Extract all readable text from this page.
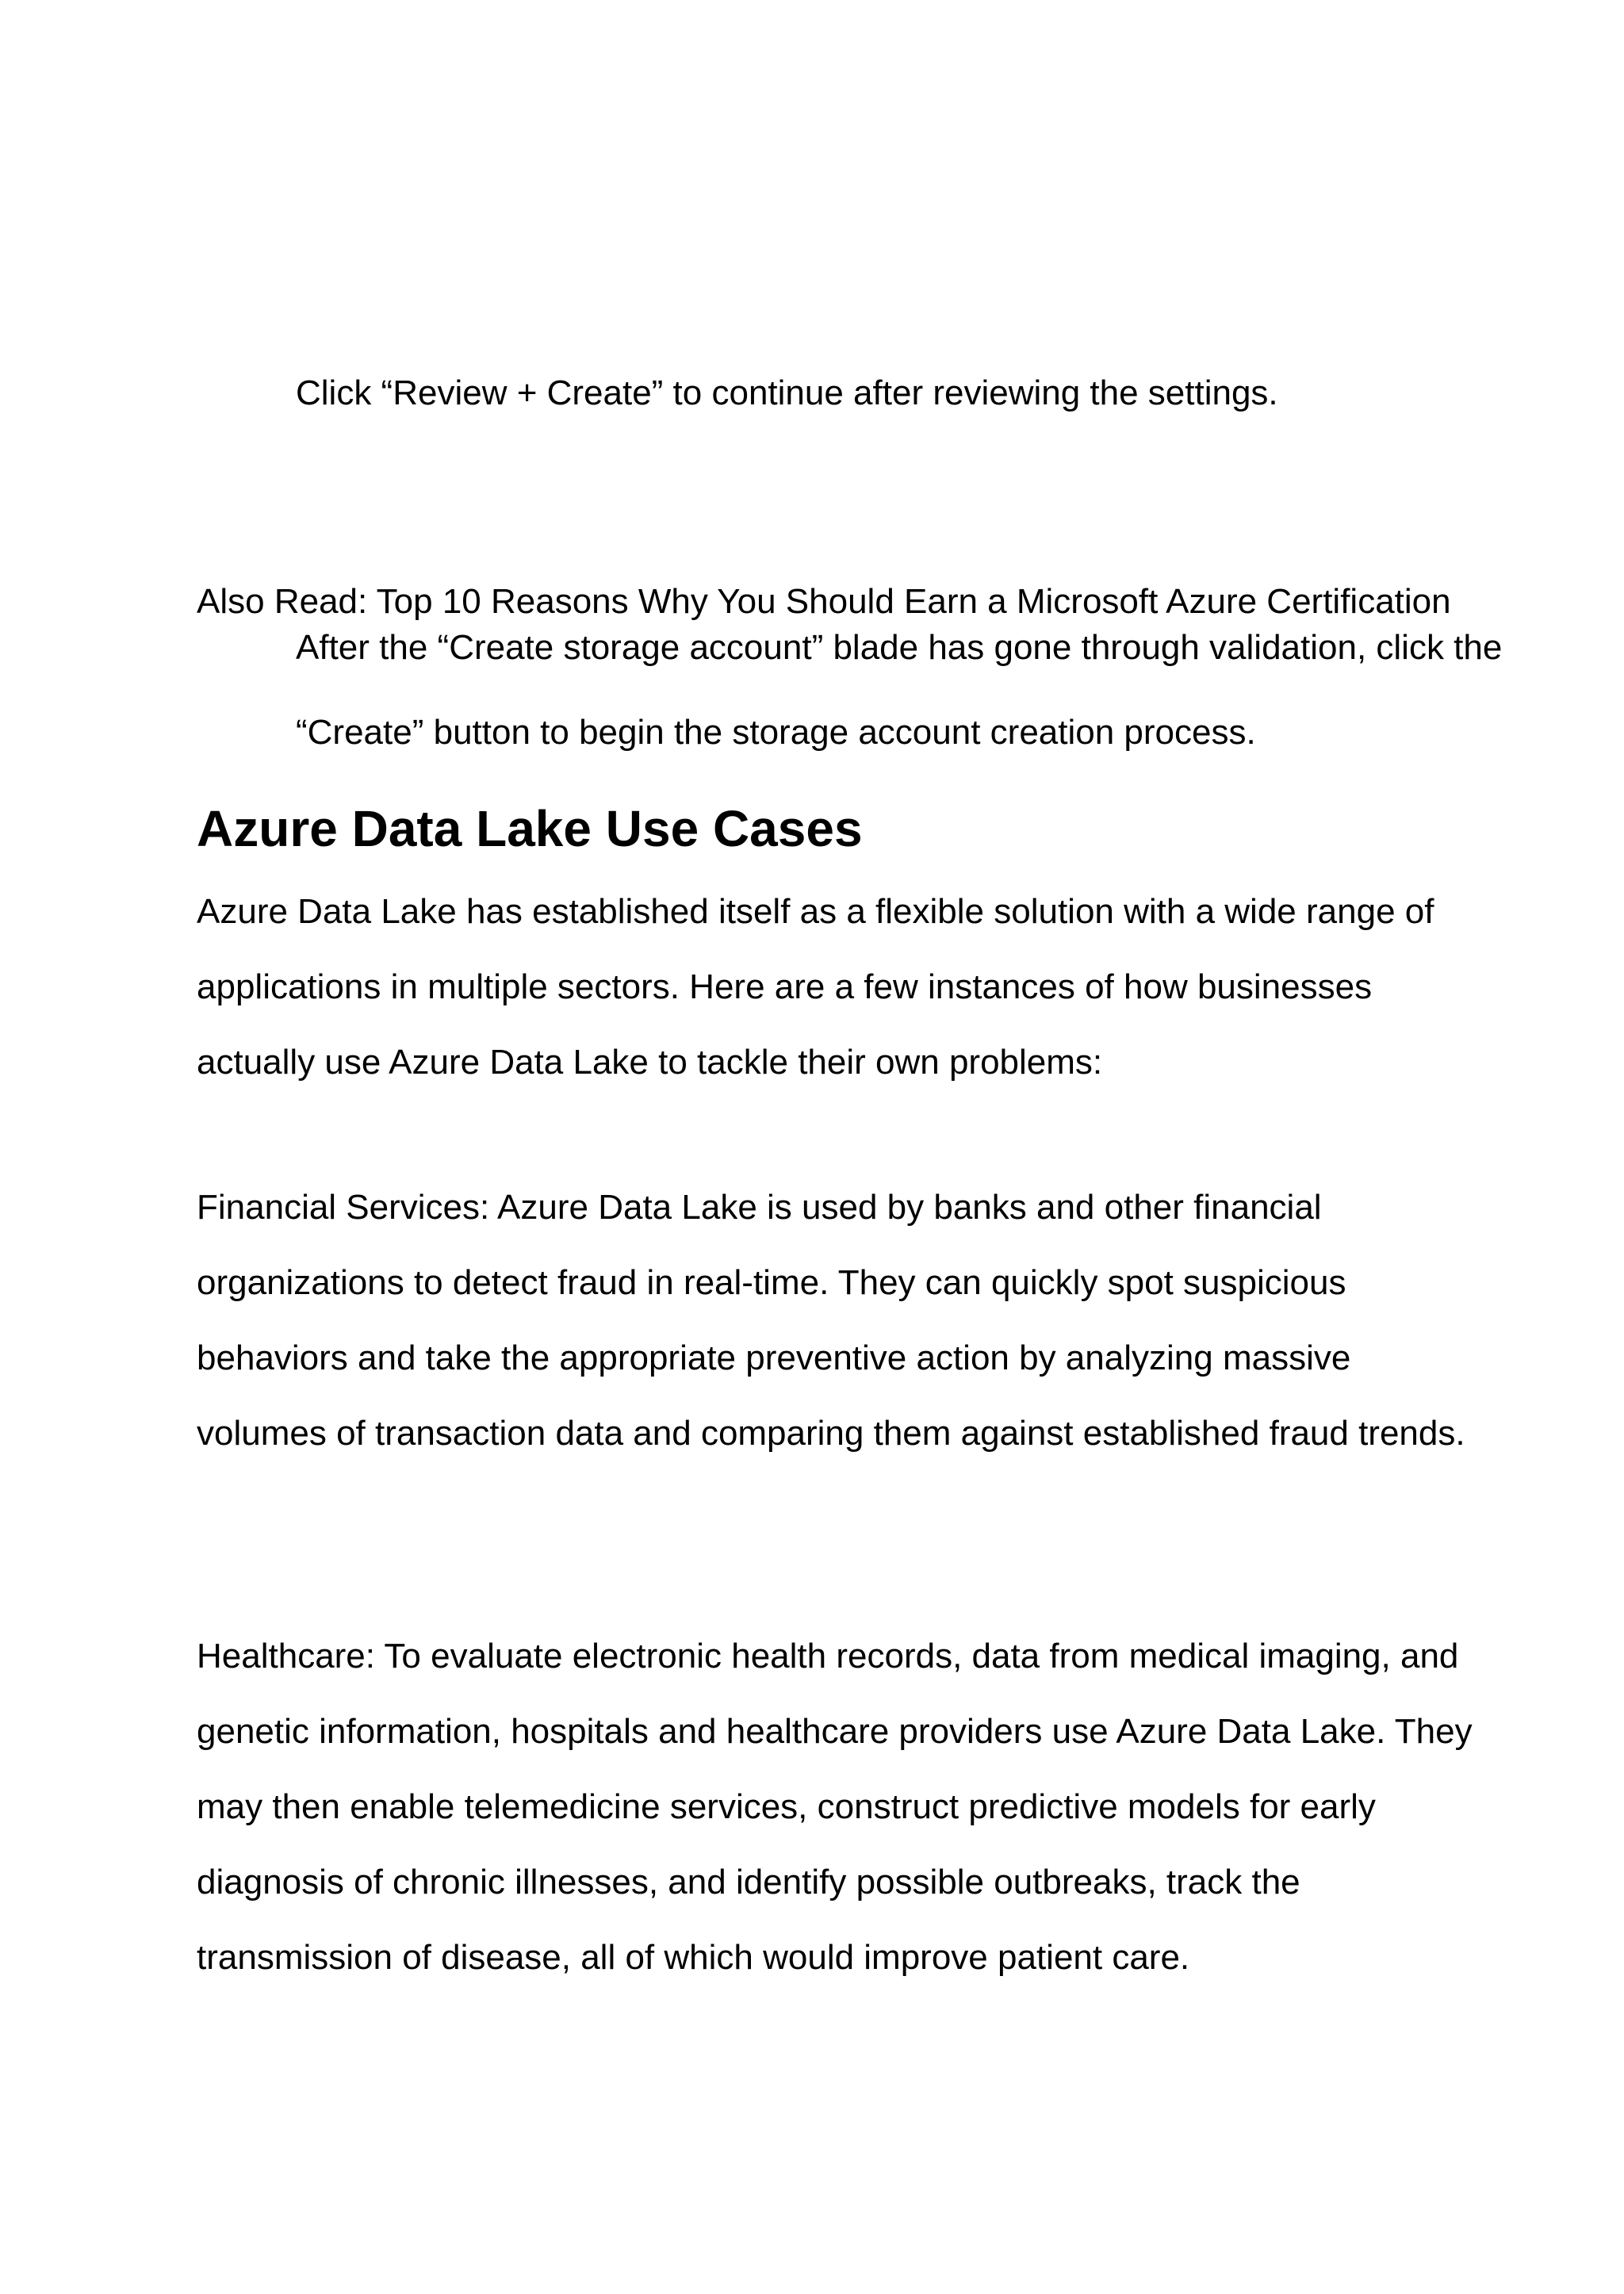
Click “Review + Create” to continue after reviewing the settings.

After the “Create storage account” blade has gone through validation, click the “Create” button to begin the storage account creation process.

Also Read: Top 10 Reasons Why You Should Earn a Microsoft Azure Certification

Azure Data Lake Use Cases

Azure Data Lake has established itself as a flexible solution with a wide range of applications in multiple sectors. Here are a few instances of how businesses actually use Azure Data Lake to tackle their own problems:

Financial Services: Azure Data Lake is used by banks and other financial organizations to detect fraud in real-time. They can quickly spot suspicious behaviors and take the appropriate preventive action by analyzing massive volumes of transaction data and comparing them against established fraud trends.

Healthcare: To evaluate electronic health records, data from medical imaging, and genetic information, hospitals and healthcare providers use Azure Data Lake. They may then enable telemedicine services, construct predictive models for early diagnosis of chronic illnesses, and identify possible outbreaks, track the transmission of disease, all of which would improve patient care.
